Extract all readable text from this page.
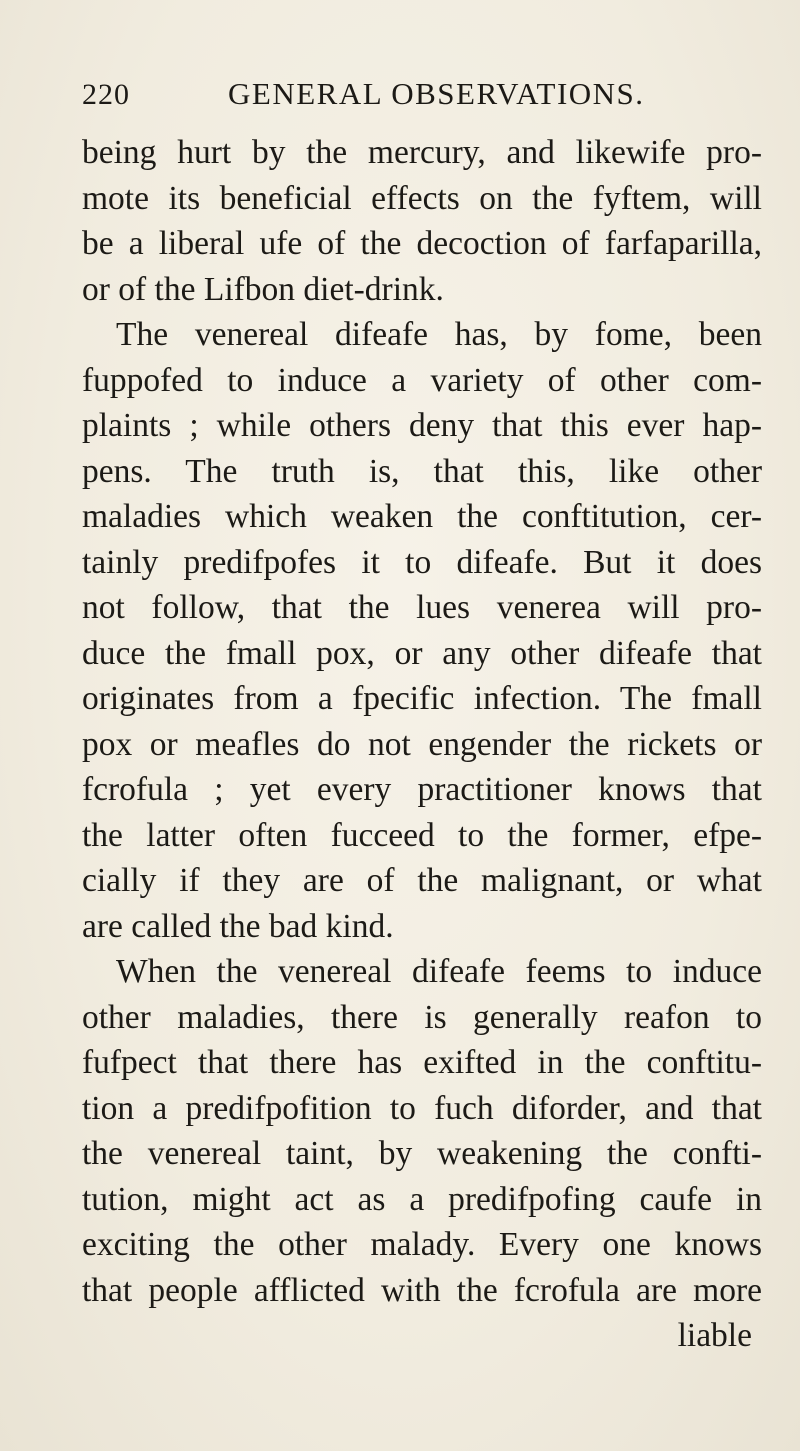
220	GENERAL OBSERVATIONS.
being hurt by the mercury, and likewife pro-
mote its beneficial effects on the fyftem, will
be a liberal ufe of the decoction of farfaparilla,
or of the Lifbon diet-drink.
The venereal difeafe has, by fome, been
fuppofed to induce a variety of other com-
plaints ; while others deny that this ever hap-
pens. The truth is, that this, like other
maladies which weaken the conftitution, cer-
tainly predifpofes it to difeafe. But it does
not follow, that the lues venerea will pro-
duce the fmall pox, or any other difeafe that
originates from a fpecific infection. The fmall
pox or meafles do not engender the rickets or
fcrofula ; yet every practitioner knows that
the latter often fucceed to the former, efpe-
cially if they are of the malignant, or what
are called the bad kind.
When the venereal difeafe feems to induce
other maladies, there is generally reafon to
fufpect that there has exifted in the conftitu-
tion a predifpofition to fuch diforder, and that
the venereal taint, by weakening the confti-
tution, might act as a predifpofing caufe in
exciting the other malady. Every one knows
that people afflicted with the fcrofula are more
liable
